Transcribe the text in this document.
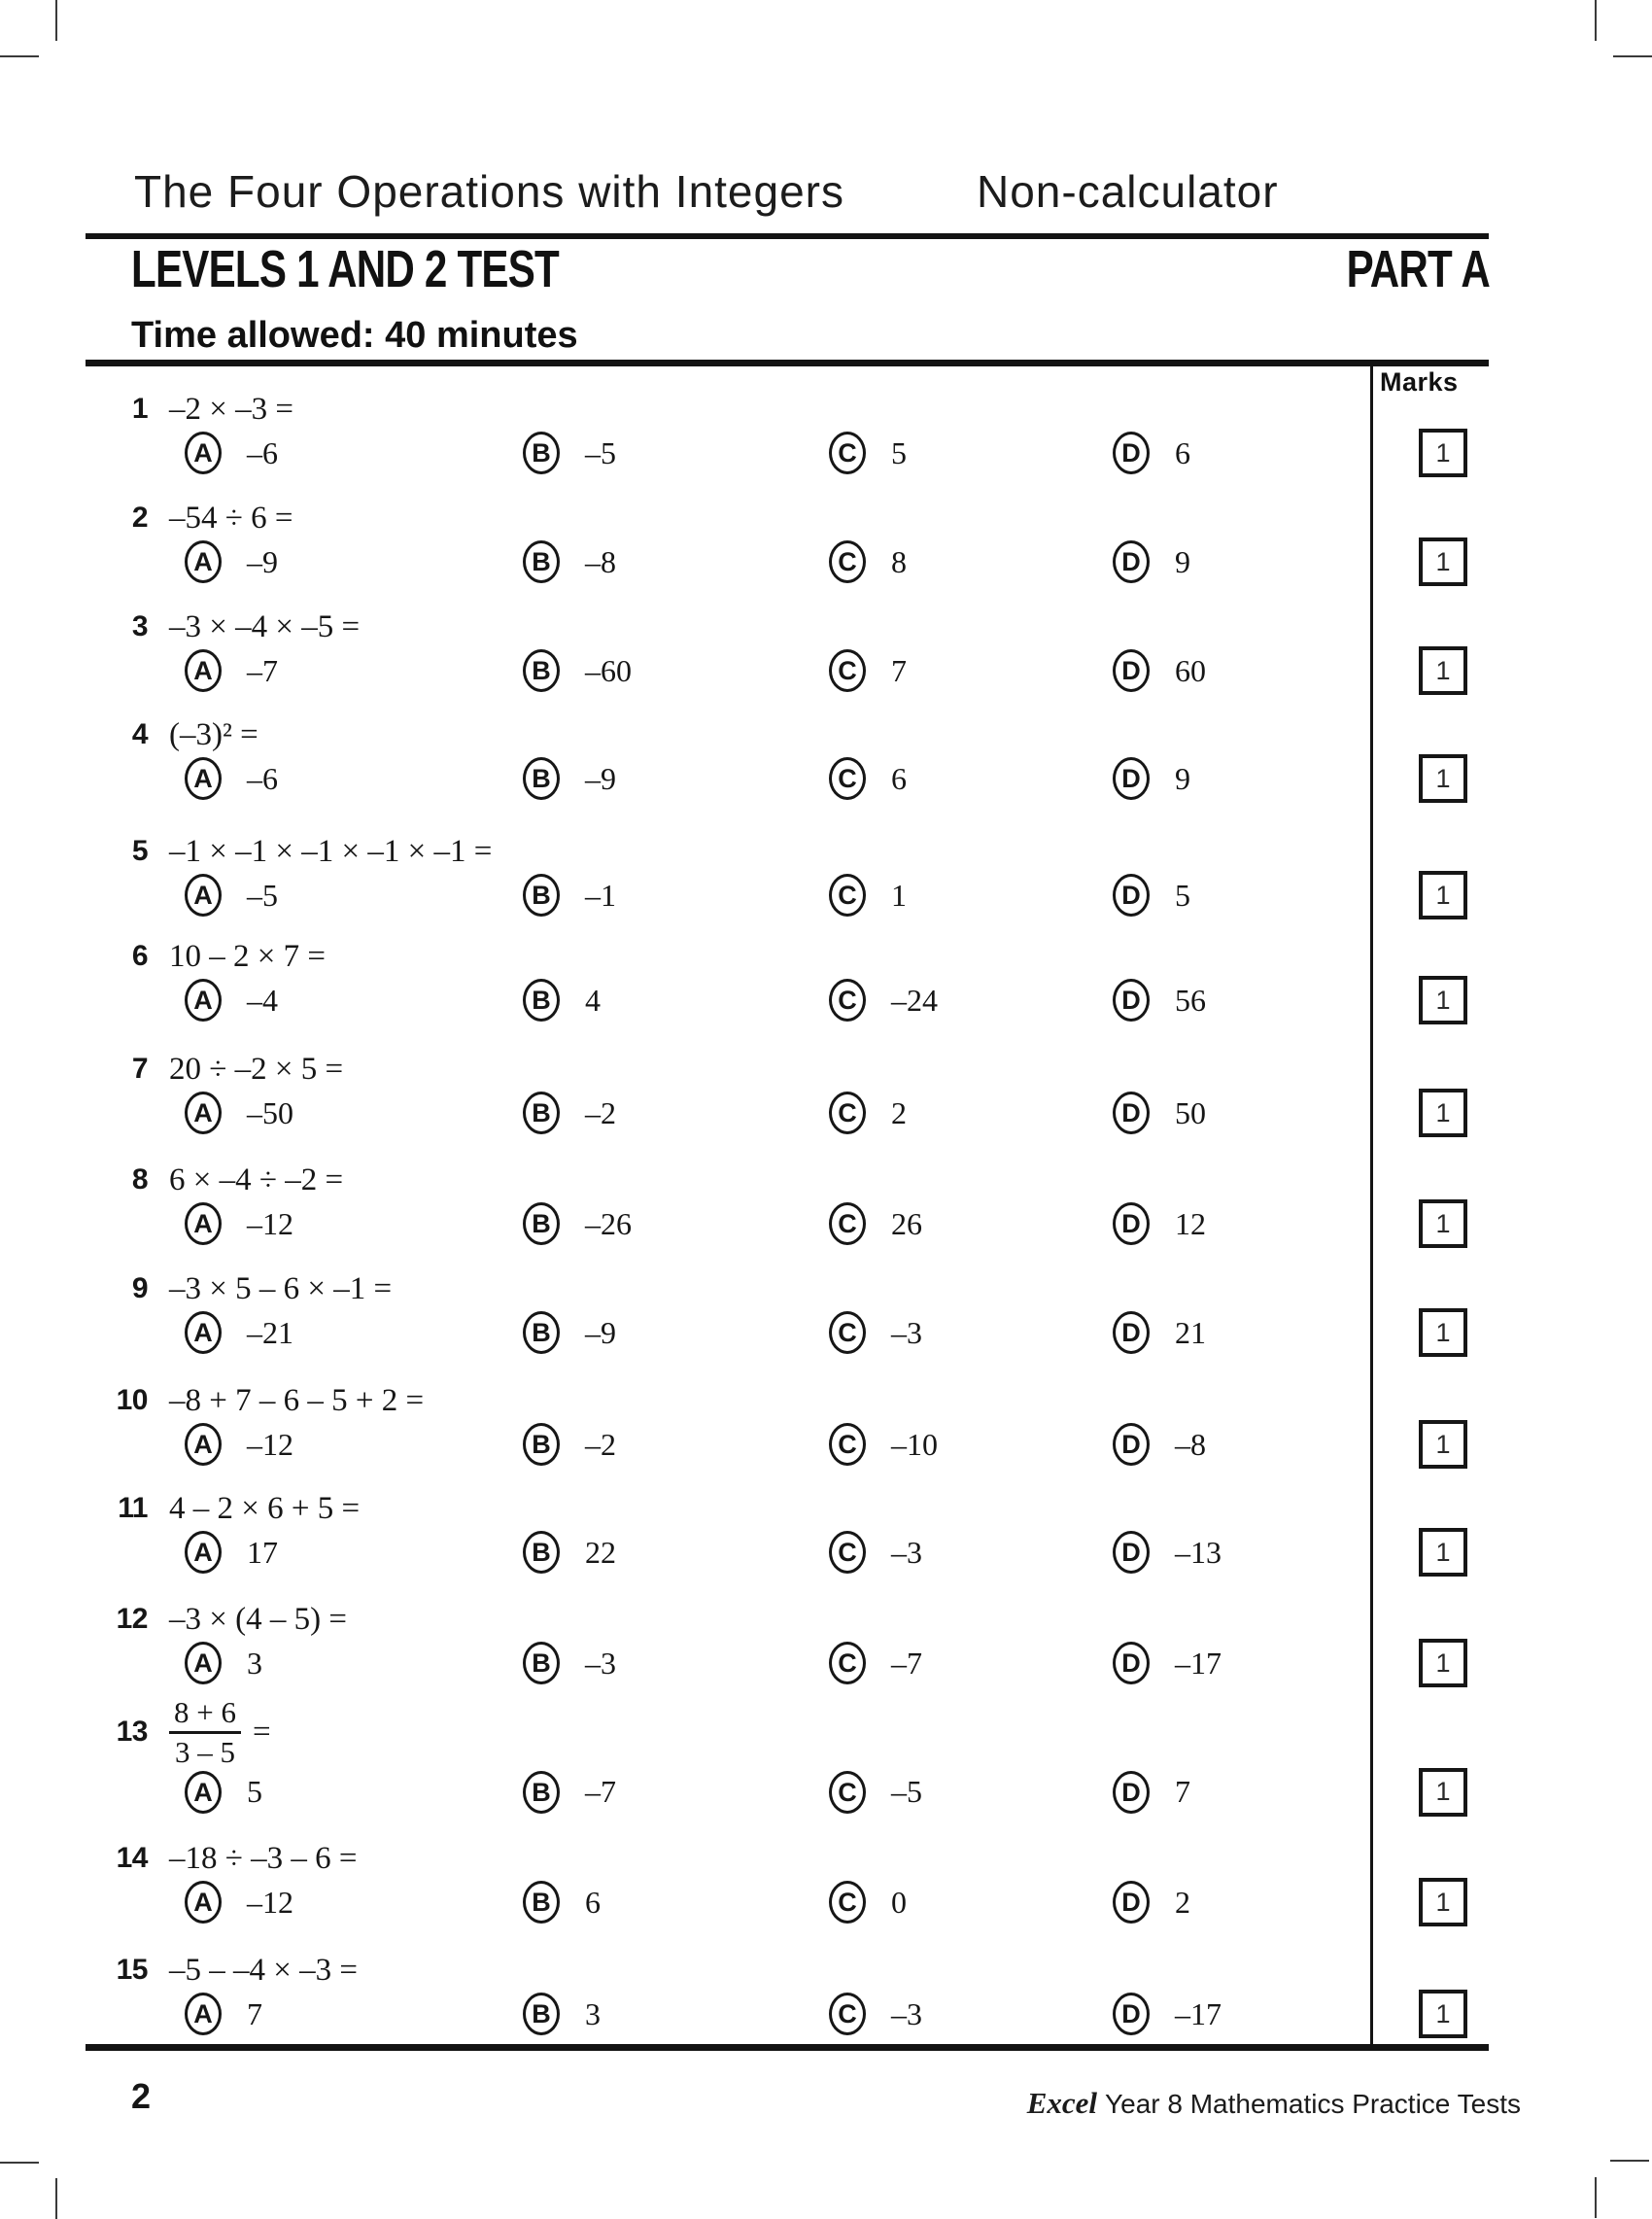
The Four Operations with Integers	Non-calculator
LEVELS 1 AND 2 TEST	PART A
Time allowed: 40 minutes
Marks
1 –2 × –3 =
A –6	B –5	C 5	D 6	1
2 –54 ÷ 6 =
A –9	B –8	C 8	D 9	1
3 –3 × –4 × –5 =
A –7	B –60	C 7	D 60	1
4 (–3)² =
A –6	B –9	C 6	D 9	1
5 –1 × –1 × –1 × –1 × –1 =
A –5	B –1	C 1	D 5	1
6 10 – 2 × 7 =
A –4	B 4	C –24	D 56	1
7 20 ÷ –2 × 5 =
A –50	B –2	C 2	D 50	1
8 6 × –4 ÷ –2 =
A –12	B –26	C 26	D 12	1
9 –3 × 5 – 6 × –1 =
A –21	B –9	C –3	D 21	1
10 –8 + 7 – 6 – 5 + 2 =
A –12	B –2	C –10	D –8	1
11 4 – 2 × 6 + 5 =
A 17	B 22	C –3	D –13	1
12 –3 × (4 – 5) =
A 3	B –3	C –7	D –17	1
$13 \frac{8 + 6}{3 - 5}$ =
A 5	B –7	C –5	D 7	1
14 –18 ÷ –3 – 6 =
A –12	B 6	C 0	D 2	1
15 –5 – –4 × –3 =
A 7	B 3	C –3	D –17	1
2	Excel Year 8 Mathematics Practice Tests
